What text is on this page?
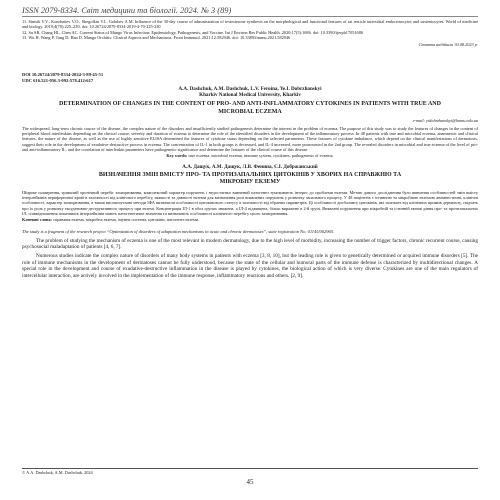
ISSN 2079-8334. Світ медицини та біології. 2024. № 3 (89)
11. Sintsik V.V., Kondratiev V.O., Shegolkin V.I., Golubev A.M. Influence of the 30-day course of administration of testosterone synthesis on the morphological and functional features of rat testicle interstitial endocrinocytes and sustentocytes. World of medicine and biology. 2019;4(70):225–230. doi: 10.26724/2079-8334-2019-4-70-225-230
12. Su SB, Chang HL, Chen AC. Current Status of Mango Virus Infection: Epidemiology, Pathogenesis, and Vaccine. Int J Environ Res Public Health. 2020;17(5):1686. doi: 10.3390/ijerph17051686
13. Wu H, Wang P, Tang D, Han D. Mango Orchitis: Clinical Aspects and Mechanisms. Front Immunol. 2021;12:582946. doi: 10.3389/fimmu.2021.582946
Стаття надійшла 30.08.2023 р.
DOI 10.26724/2079-8334-2024-3-89-45-51
UDC 616.521-056.3-092:578.412:617
A.A. Dashchuk, A.M. Dashchuk, L.V. Feroina, Ye.I. Dobrzhanskyi
Kharkiv National Medical University, Kharkiv
DETERMINATION OF CHANGES IN THE CONTENT OF PRO- AND ANTI-INFLAMMATORY CYTOKINES IN PATIENTS WITH TRUE AND MICROBIAL ECZEMA
e-mail: yidobrzhanskyi@knmu.edu.ua
The widespread, long-term chronic course of the disease, the complex nature of the disorders and insufficiently studied pathogenesis determine the interest in the problem of eczema. The purpose of this study was to study the features of changes in the content of peripheral blood interleukins depending on the clinical course, severity and duration of eczema to determine the role of the identified disorders in the development of the inflammatory process. In 48 patients with true and microbial eczema, anamnestic and clinical features, the nature of the disease, as well as the use of highly sensitive ELISA determined the features of cytokine status depending on the selected parameters. These features of cytokine imbalance, which depend on the clinical manifestations of dermatosis, suggest their role in the development of exudative-destructive process in eczema. The concentration of IL-1 in both groups is decreased, and IL-4 increased, more pronounced in the 2nd group. The revealed disorders in microbial and true eczema of the level of pro- and anti-inflammatory IL, and the correlation of interleukin parameters have pathogenetic significance and determine the features of the clinical course of this disease.
Key words: true eczema, microbial eczema, immune system, cytokines, pathogenesis of eczema.
А.А. Дащук, А.М. Дащук, Л.В. Фенина, Є.І. Добржанський
ВИЗНАЧЕННЯ ЗМІН ВМІСТУ ПРО- ТА ПРОТИЗАПАЛЬНИХ ЦИТОКІНІВ У ХВОРИХ НА СПРАВЖНЮ ТА МІКРОБНУ ЕКЗЕМУ
Широке поширення, тривалий хронічний перебіг захворювання, комплексний характер порушень і недостатньо вивчений патогенез зумовлюють інтерес до проблеми екземи. Метою даного дослідження було вивчення особливостей змін вмісту інтерлейкінів периферичної крові в залежності від клінічного перебігу, тяжкості та давності екземи для визначення ролі виявлених порушень у розвитку запального процесу. У 48 пацієнтів з істинною та мікробною екземою анамнестичні, клінічні особливості, характер захворювання, а також високочутливі методи ІФА визначили особливості цитокінового статусу в залежності від обраних параметрів. Ці особливості дисбалансу цитокінів, які залежать від клінічних проявів дерматозу, свідчать про їх роль у розвитку ексудативно-деструктивного процесу при екземі. Концентрація ІЛ-1 в обох групах знижена, а ІЛ-4 підвищена, більш виражене в 2-й групі. Виявлені порушення при мікробній та істинній екземі рівня про- та протизапальних ІЛ, співвідношення показників інтерлейкінів мають патогенетичне значення та визначають особливості клінічного перебігу цього захворювання.
Ключові слова: справжня екзема, мікробна екзема, імунна система, цитокіни, патогенез екземи.
The study is a fragment of the research project “Optimization of disorders of adaptation mechanisms in acute and chronic dermatoses”, state registration No. 0114U002965.
The problem of studying the mechanism of eczema is one of the most relevant in modern dermatology, due to the high level of morbidity, increasing the number of trigger factors, chronic recurrent course, causing psychosocial maladaptation of patients [4, 6, 7].
Numerous studies indicate the complex nature of disorders of many body systems in patients with eczema [3, 8, 10], but the leading role is given to genetically determined or acquired immune disorders [5]. The role of immune mechanisms in the development of dermatoses cannot be fully understood, because the state of the cellular and humoral parts of the immune defense is characterized by multidirectional changes. A special role in the development and course of exudative-destructive inflammation in the disease is played by cytokines, the biological action of which is very diverse. Cytokines are one of the main regulators of intercellular interaction, are actively involved in the implementation of the immune response, inflammatory reactions and others. [2, 9].
© A.A. Dashchuk, A.M. Dashchuk, 2024
45
